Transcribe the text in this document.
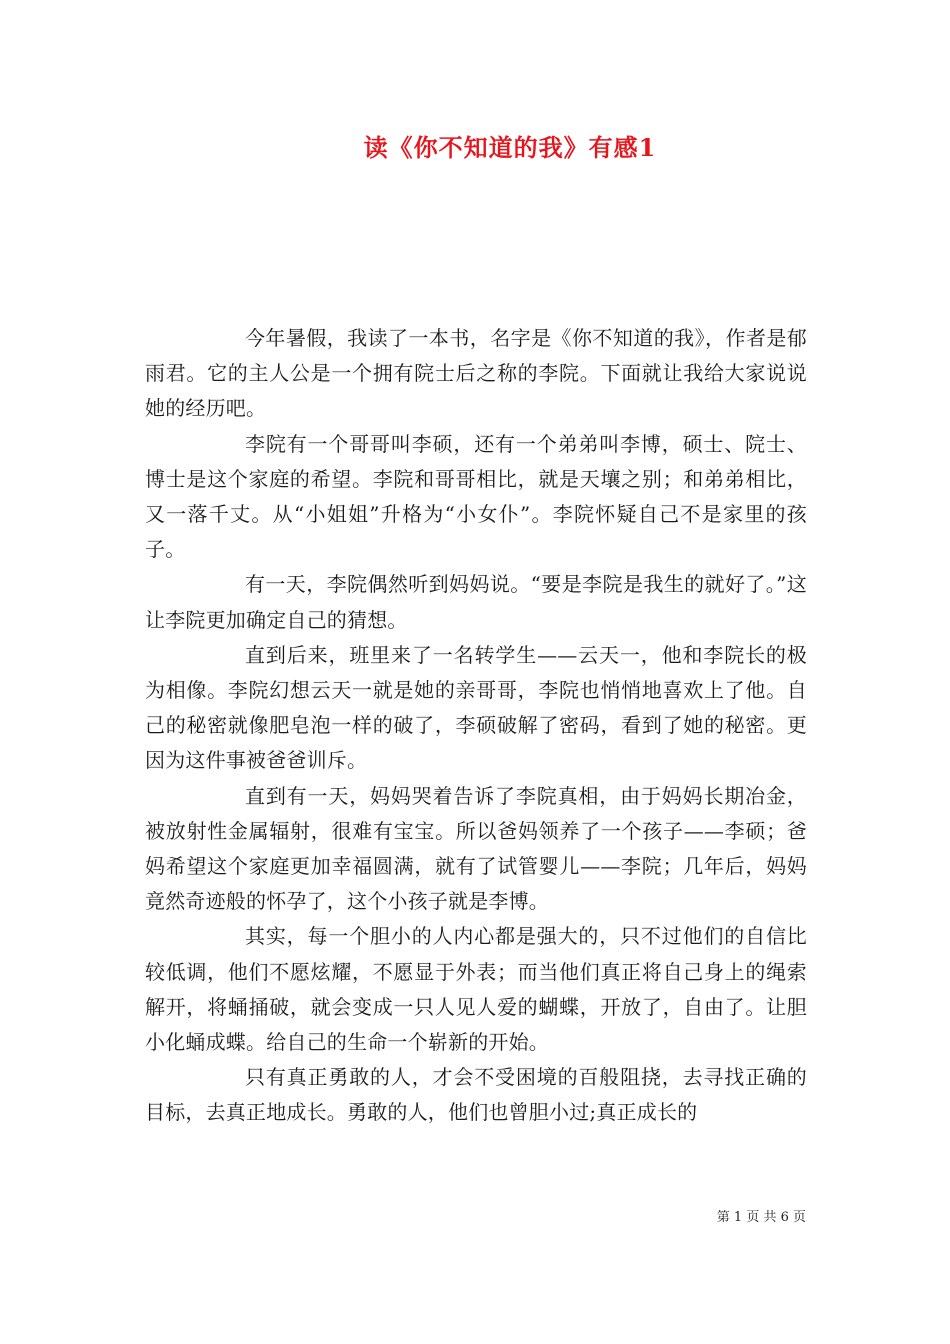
读《你不知道的我》有感1

今年暑假，我读了一本书，名字是《你不知道的我》，作者是郁雨君。它的主人公是一个拥有院士后之称的李院。下面就让我给大家说说她的经历吧。

李院有一个哥哥叫李硕，还有一个弟弟叫李博，硕士、院士、博士是这个家庭的希望。李院和哥哥相比，就是天壤之别；和弟弟相比，又一落千丈。从“小姐姐”升格为“小女仆”。李院怀疑自己不是家里的孩子。

有一天，李院偶然听到妈妈说。“要是李院是我生的就好了。”这让李院更加确定自己的猜想。

直到后来，班里来了一名转学生——云天一，他和李院长的极为相像。李院幻想云天一就是她的亲哥哥，李院也悄悄地喜欢上了他。自己的秘密就像肥皂泡一样的破了，李硕破解了密码，看到了她的秘密。更因为这件事被爸爸训斥。

直到有一天，妈妈哭着告诉了李院真相，由于妈妈长期冶金，被放射性金属辐射，很难有宝宝。所以爸妈领养了一个孩子——李硕；爸妈希望这个家庭更加幸福圆满，就有了试管婴儿——李院；几年后，妈妈竟然奇迹般的怀孕了，这个小孩子就是李博。

其实，每一个胆小的人内心都是强大的，只不过他们的自信比较低调，他们不愿炫耀，不愿显于外表；而当他们真正将自己身上的绳索解开，将蛹捅破，就会变成一只人见人爱的蝴蝶，开放了，自由了。让胆小化蛹成蝶。给自己的生命一个崭新的开始。

只有真正勇敢的人，才会不受困境的百般阻挠，去寻找正确的目标，去真正地成长。勇敢的人，他们也曾胆小过;真正成长的

第 1 页 共 6 页
